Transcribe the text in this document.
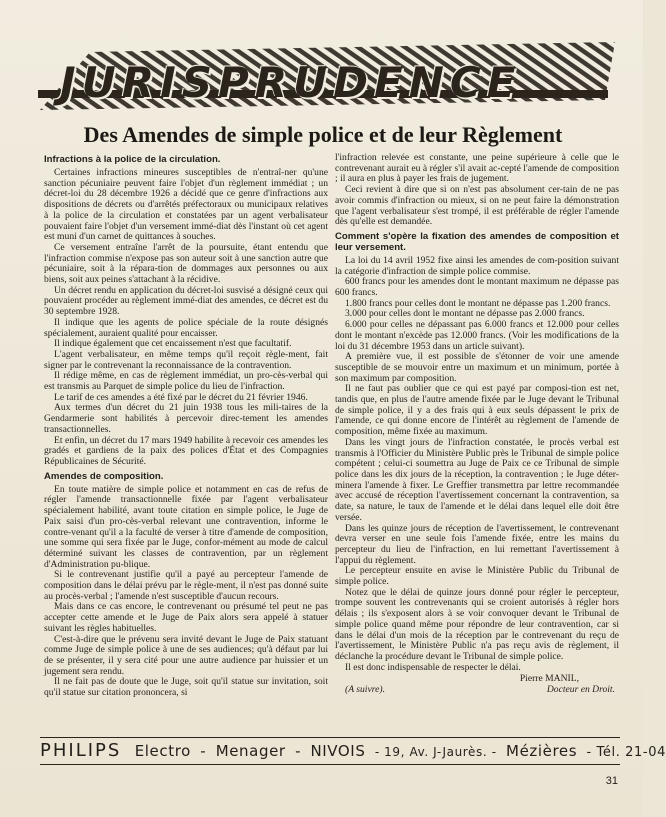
JURISPRUDENCE
Des Amendes de simple police et de leur Règlement
Infractions à la police de la circulation.

Certaines infractions mineures susceptibles de n'entraî-ner qu'une sanction pécuniaire peuvent faire l'objet d'un règlement immédiat ; un décret-loi du 28 décembre 1926 a décidé que ce genre d'infractions aux dispositions de décrets ou d'arrêtés préfectoraux ou municipaux relatives à la police de la circulation et constatées par un agent verbalisateur pouvaient faire l'objet d'un versement immé-diat dès l'instant où cet agent est muni d'un carnet de quittances à souches.

Ce versement entraîne l'arrêt de la poursuite, étant entendu que l'infraction commise n'expose pas son auteur soit à une sanction autre que pécuniaire, soit à la répara-tion de dommages aux personnes ou aux biens, soit aux peines s'attachant à la récidive.

Un décret rendu en application du décret-loi susvisé a désigné ceux qui pouvaient procéder au règlement immé-diat des amendes, ce décret est du 30 septembre 1928.

Il indique que les agents de police spéciale de la route désignés spécialement, auraient qualité pour encaisser.

Il indique également que cet encaissement n'est que facultatif.

L'agent verbalisateur, en même temps qu'il reçoit règle-ment, fait signer par le contrevenant la reconnaissance de la contravention.

Il rédige même, en cas de règlement immédiat, un pro-cès-verbal qui est transmis au Parquet de simple police du lieu de l'infraction.

Le tarif de ces amendes a été fixé par le décret du 21 février 1946.

Aux termes d'un décret du 21 juin 1938 tous les mili-taires de la Gendarmerie sont habilités à percevoir direc-tement les amendes transactionnelles.

Et enfin, un décret du 17 mars 1949 habilite à recevoir ces amendes les gradés et gardiens de la paix des polices d'État et des Compagnies Républicaines de Sécurité.

Amendes de composition.

En toute matière de simple police et notamment en cas de refus de régler l'amende transactionnelle fixée par l'agent verbalisateur spécialement habilité, avant toute citation en simple police, le Juge de Paix saisi d'un pro-cès-verbal relevant une contravention, informe le contre-venant qu'il a la faculté de verser à titre d'amende de composition, une somme qui sera fixée par le Juge, confor-mément au mode de calcul déterminé suivant les classes de contravention, par un règlement d'Administration pu-blique.

Si le contrevenant justifie qu'il a payé au percepteur l'amende de composition dans le délai prévu par le règle-ment, il n'est pas donné suite au procès-verbal ; l'amende n'est susceptible d'aucun recours.

Mais dans ce cas encore, le contrevenant ou présumé tel peut ne pas accepter cette amende et le Juge de Paix alors sera appelé à statuer suivant les règles habituelles.

C'est-à-dire que le prévenu sera invité devant le Juge de Paix statuant comme Juge de simple police à une de ses audiences; qu'à défaut par lui de se présenter, il y sera cité pour une autre audience par huissier et un jugement sera rendu.

Il ne fait pas de doute que le Juge, soit qu'il statue sur invitation, soit qu'il statue sur citation prononcera, si

l'infraction relevée est constante, une peine supérieure à celle que le contrevenant aurait eu à régler s'il avait ac-cepté l'amende de composition ; il aura en plus à payer les frais de jugement.

Ceci revient à dire que si on n'est pas absolument cer-tain de ne pas avoir commis d'infraction ou mieux, si on ne peut faire la démonstration que l'agent verbalisateur s'est trompé, il est préférable de régler l'amende dès qu'elle est demandée.

Comment s'opère la fixation des amendes de composition et leur versement.

La loi du 14 avril 1952 fixe ainsi les amendes de com-position suivant la catégorie d'infraction de simple police commise.

600 francs pour les amendes dont le montant maximum ne dépasse pas 600 francs.

1.800 francs pour celles dont le montant ne dépasse pas 1.200 francs.

3.000 pour celles dont le montant ne dépasse pas 2.000 francs.

6.000 pour celles ne dépassant pas 6.000 francs et 12.000 pour celles dont le montant n'excède pas 12.000 francs. (Voir les modifications de la loi du 31 décembre 1953 dans un article suivant).

A première vue, il est possible de s'étonner de voir une amende susceptible de se mouvoir entre un maximum et un minimum, portée à son maximum par composition.

Il ne faut pas oublier que ce qui est payé par composi-tion est net, tandis que, en plus de l'autre amende fixée par le Juge devant le Tribunal de simple police, il y a des frais qui à eux seuls dépassent le prix de l'amende, ce qui donne encore de l'intérêt au règlement de l'amende de composition, même fixée au maximum.

Dans les vingt jours de l'infraction constatée, le procès verbal est transmis à l'Officier du Ministère Public près le Tribunal de simple police compétent ; celui-ci soumettra au Juge de Paix ce ce Tribunal de simple police dans les dix jours de la réception, la contravention ; le Juge déter-minera l'amende à fixer. Le Greffier transmettra par lettre recommandée avec accusé de réception l'avertissement concernant la contravention, sa date, sa nature, le taux de l'amende et le délai dans lequel elle doit être versée.

Dans les quinze jours de réception de l'avertissement, le contrevenant devra verser en une seule fois l'amende fixée, entre les mains du percepteur du lieu de l'infraction, en lui remettant l'avertissement à l'appui du règlement.

Le percepteur ensuite en avise le Ministère Public du Tribunal de simple police.

Notez que le délai de quinze jours donné pour régler le percepteur, trompe souvent les contrevenants qui se croient autorisés à régler hors délais ; ils s'exposent alors à se voir convoquer devant le Tribunal de simple police quand même pour répondre de leur contravention, car si dans le délai d'un mois de la réception par le contrevenant du reçu de l'avertissement, le Ministère Public n'a pas reçu avis de règlement, il déclanche la procédure devant le Tribunal de simple police.

Il est donc indispensable de respecter le délai.

Pierre MANIL,
(A suivre).	Docteur en Droit.
PHILIPS Electro - Menager - NIVOIS - 19, Av. J-Jaurès. - Mézières - Tél. 21-04
31
